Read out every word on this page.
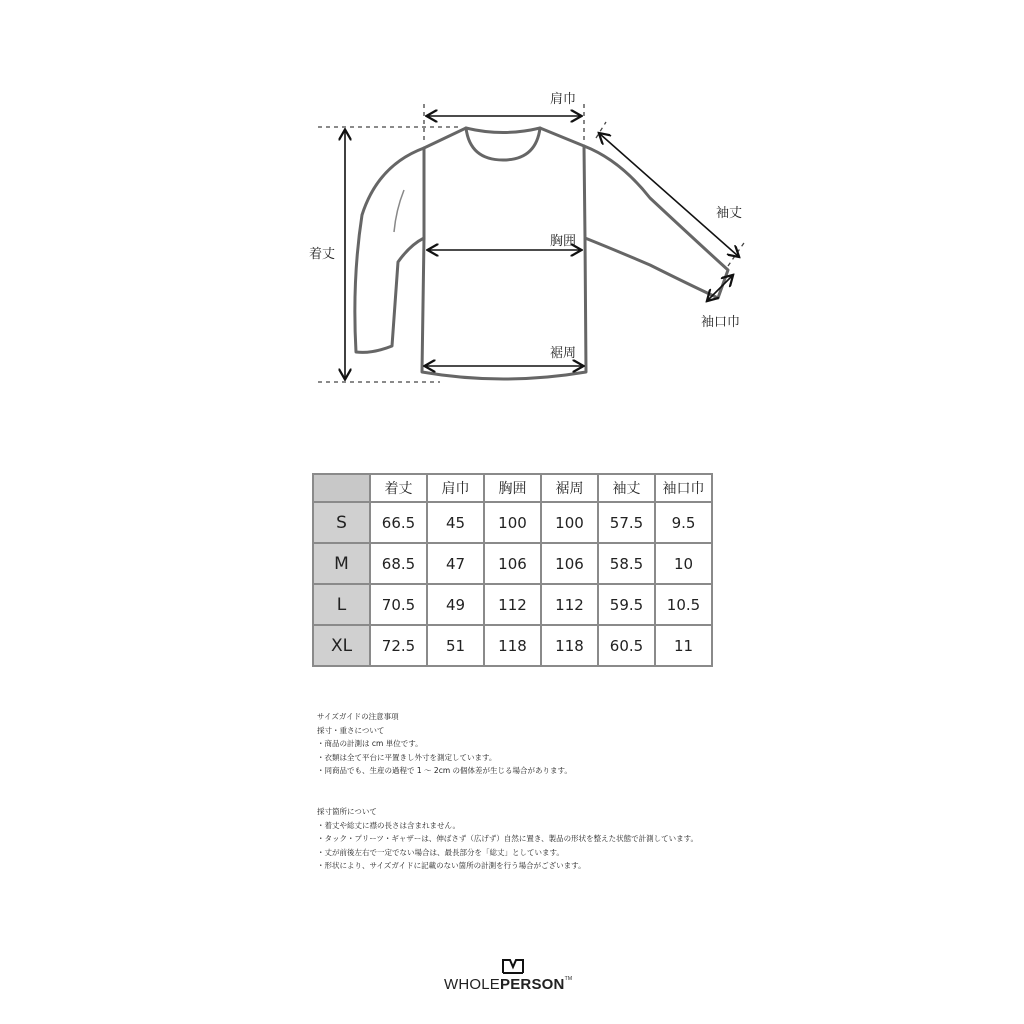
肩巾
着丈
胸囲
裾周
袖丈
袖口巾
	着丈	肩巾	胸囲	裾周	袖丈	袖口巾
S	66.5	45	100	100	57.5	9.5
M	68.5	47	106	106	58.5	10
L	70.5	49	112	112	59.5	10.5
XL	72.5	51	118	118	60.5	11
サイズガイドの注意事項
採寸・重さについて
・商品の計測は cm 単位です。
・衣類は全て平台に平置きし外寸を測定しています。
・同商品でも、生産の過程で 1 ～ 2cm の個体差が生じる場合があります。
採寸箇所について
・着丈や総丈に襟の長さは含まれません。
・タック・プリーツ・ギャザーは、伸ばさず（広げず）自然に置き、製品の形状を整えた状態で計測しています。
・丈が前後左右で一定でない場合は、最長部分を「総丈」としています。
・形状により、サイズガイドに記載のない箇所の計測を行う場合がございます。
WHOLEPERSON™
